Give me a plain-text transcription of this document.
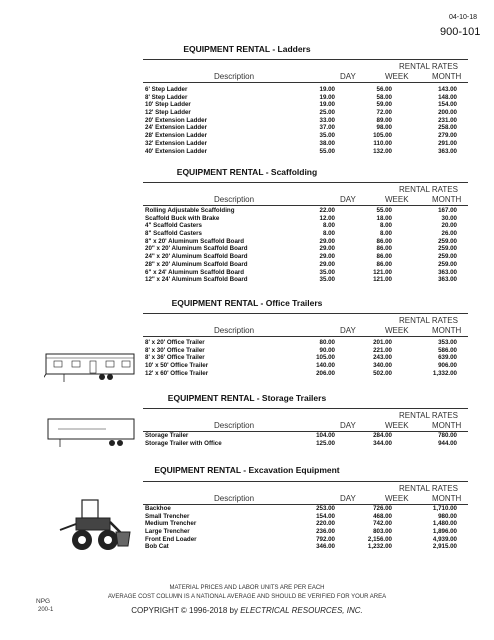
04-10-18
900-101
EQUIPMENT RENTAL - Ladders
RENTAL RATES
Description	DAY	WEEK	MONTH
6' Step Ladder	19.00	56.00	143.00
8' Step Ladder	19.00	58.00	148.00
10' Step Ladder	19.00	59.00	154.00
12' Step Ladder	25.00	72.00	200.00
20' Extension Ladder	33.00	89.00	231.00
24' Extension Ladder	37.00	98.00	258.00
28' Extension Ladder	35.00	105.00	279.00
32' Extension Ladder	38.00	110.00	291.00
40' Extension Ladder	55.00	132.00	363.00
EQUIPMENT RENTAL - Scaffolding
RENTAL RATES
Description	DAY	WEEK	MONTH
Rolling Adjustable Scaffolding	22.00	55.00	167.00
Scaffold Buck with Brake	12.00	18.00	30.00
4" Scaffold Casters	8.00	8.00	20.00
8" Scaffold Casters	8.00	8.00	26.00
8" x 20' Aluminum Scaffold Board	29.00	86.00	259.00
20" x 20' Aluminum Scaffold Board	29.00	86.00	259.00
24" x 20' Aluminum Scaffold Board	29.00	86.00	259.00
28" x 20' Aluminum Scaffold Board	29.00	86.00	259.00
6" x 24' Aluminum Scaffold Board	35.00	121.00	363.00
12" x 24' Aluminum Scaffold Board	35.00	121.00	363.00
EQUIPMENT RENTAL - Office Trailers
RENTAL RATES
Description	DAY	WEEK	MONTH
8' x 20' Office Trailer	80.00	201.00	353.00
8' x 30' Office Trailer	90.00	221.00	586.00
8' x 36' Office Trailer	105.00	243.00	639.00
10' x 50' Office Trailer	140.00	340.00	906.00
12' x 60' Office Trailer	206.00	502.00	1,332.00
EQUIPMENT RENTAL - Storage Trailers
RENTAL RATES
Description	DAY	WEEK	MONTH
Storage Trailer	104.00	284.00	780.00
Storage Trailer with Office	125.00	344.00	944.00
EQUIPMENT RENTAL - Excavation Equipment
RENTAL RATES
Description	DAY	WEEK	MONTH
Backhoe	253.00	726.00	1,710.00
Small Trencher	154.00	468.00	980.00
Medium Trencher	220.00	742.00	1,480.00
Large Trencher	236.00	803.00	1,896.00
Front End Loader	792.00	2,156.00	4,939.00
Bob Cat	346.00	1,232.00	2,915.00
MATERIAL PRICES AND LABOR UNITS ARE PER EACH
AVERAGE COST COLUMN IS A NATIONAL AVERAGE AND SHOULD BE VERIFIED FOR YOUR AREA
COPYRIGHT © 1996-2018 by ELECTRICAL RESOURCES, INC.
NPG
200-1
